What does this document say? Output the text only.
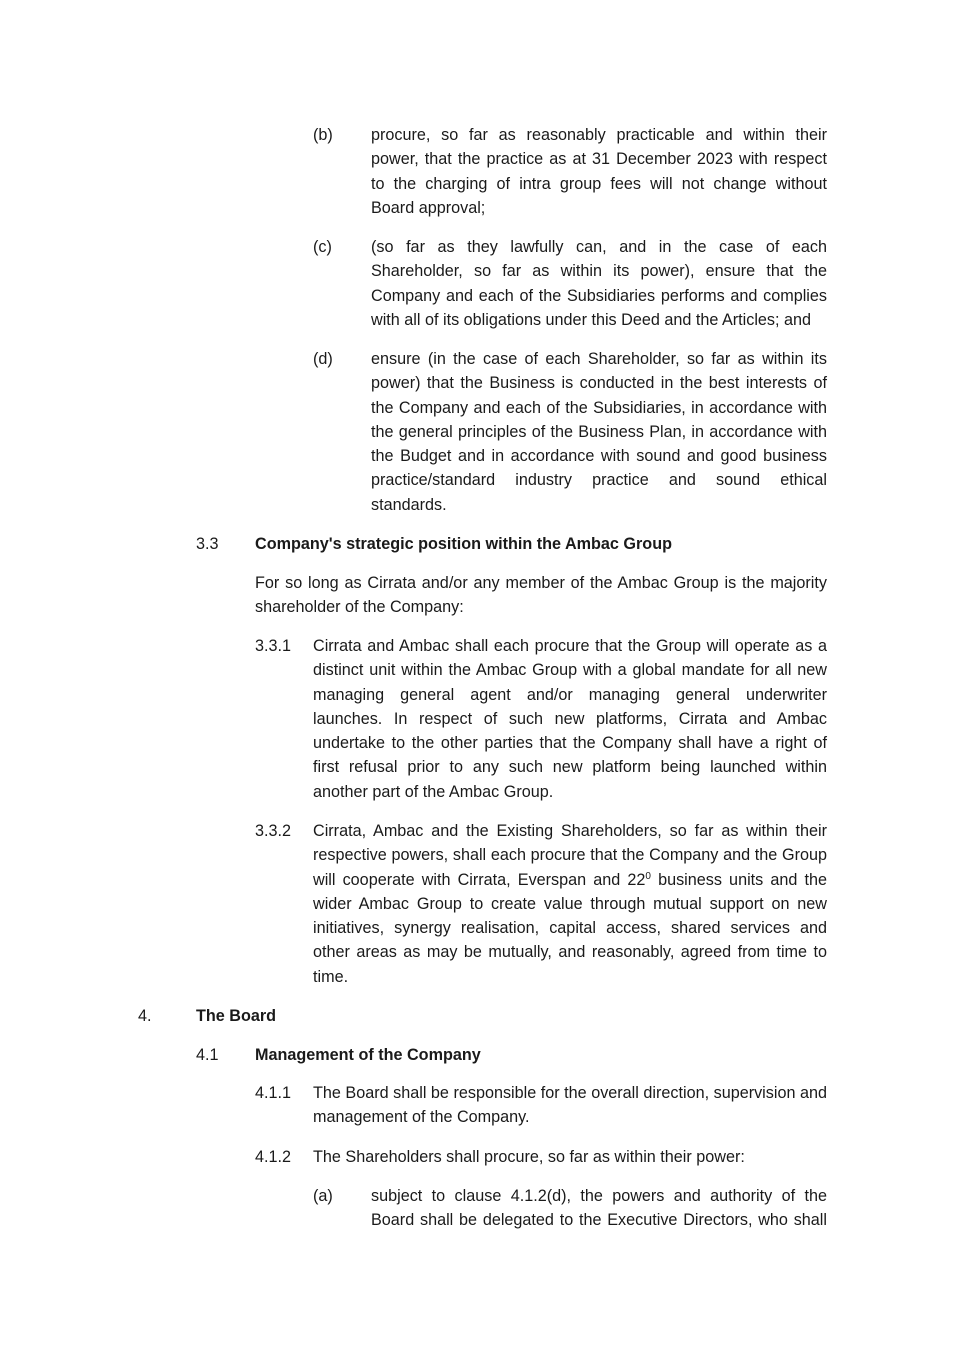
(b)	procure, so far as reasonably practicable and within their power, that the practice as at 31 December 2023 with respect to the charging of intra group fees will not change without Board approval;

(c)	(so far as they lawfully can, and in the case of each Shareholder, so far as within its power), ensure that the Company and each of the Subsidiaries performs and complies with all of its obligations under this Deed and the Articles; and

(d)	ensure (in the case of each Shareholder, so far as within its power) that the Business is conducted in the best interests of the Company and each of the Subsidiaries, in accordance with the general principles of the Business Plan, in accordance with the Budget and in accordance with sound and good business practice/standard industry practice and sound ethical standards.

3.3	Company's strategic position within the Ambac Group

For so long as Cirrata and/or any member of the Ambac Group is the majority shareholder of the Company:

3.3.1	Cirrata and Ambac shall each procure that the Group will operate as a distinct unit within the Ambac Group with a global mandate for all new managing general agent and/or managing general underwriter launches. In respect of such new platforms, Cirrata and Ambac undertake to the other parties that the Company shall have a right of first refusal prior to any such new platform being launched within another part of the Ambac Group.

3.3.2	Cirrata, Ambac and the Existing Shareholders, so far as within their respective powers, shall each procure that the Company and the Group will cooperate with Cirrata, Everspan and $22^0$ business units and the wider Ambac Group to create value through mutual support on new initiatives, synergy realisation, capital access, shared services and other areas as may be mutually, and reasonably, agreed from time to time.

4.	The Board
4.1	Management of the Company
4.1.1	The Board shall be responsible for the overall direction, supervision and management of the Company.

4.1.2	The Shareholders shall procure, so far as within their power:

(a)	subject to clause 4.1.2(d), the powers and authority of the Board shall be delegated to the Executive Directors, who shall
